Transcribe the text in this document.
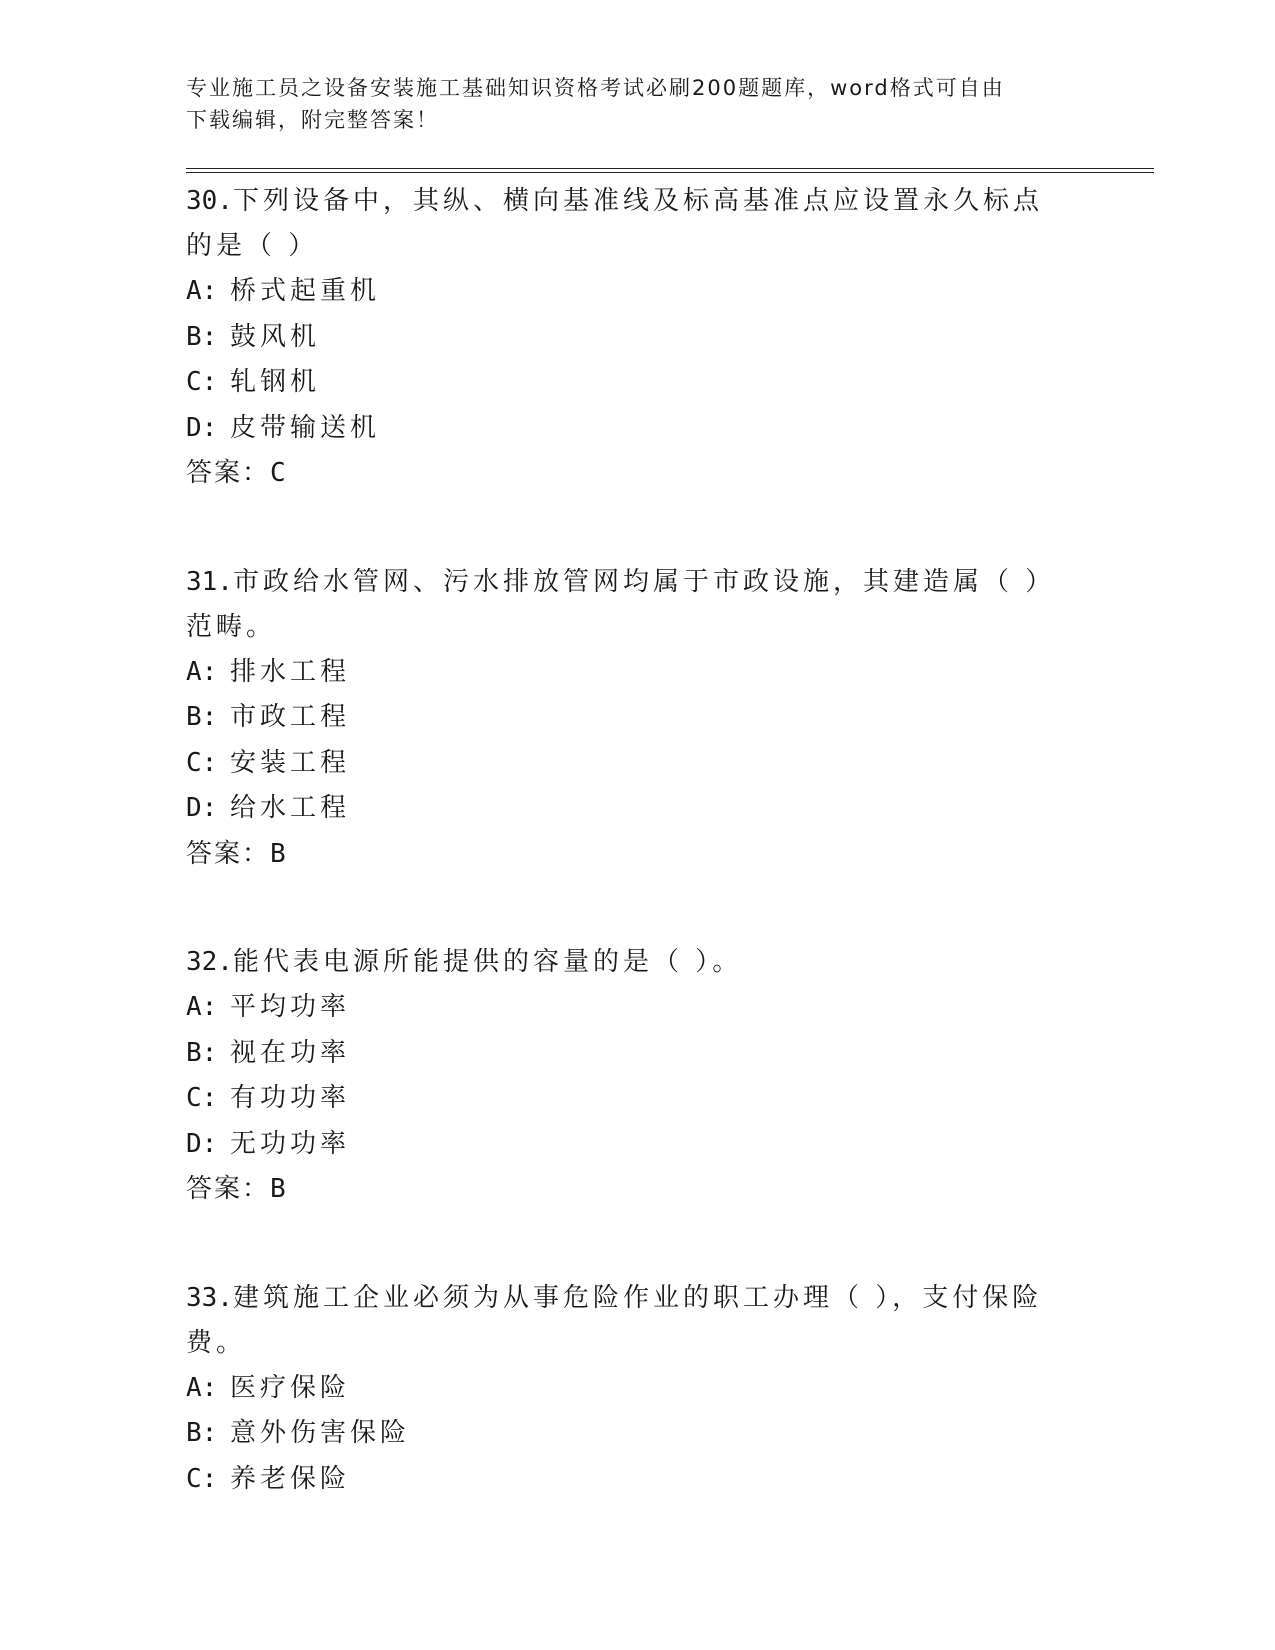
专业施工员之设备安装施工基础知识资格考试必刷200题题库，word格式可自由
下载编辑，附完整答案！

30.下列设备中，其纵、横向基准线及标高基准点应设置永久标点的是（ ）

A: 桥式起重机

B: 鼓风机

C: 轧钢机

D: 皮带输送机

答案：C

31.市政给水管网、污水排放管网均属于市政设施，其建造属（ ）范畴。

A: 排水工程

B: 市政工程

C: 安装工程

D: 给水工程

答案：B

32.能代表电源所能提供的容量的是（ ）。

A: 平均功率

B: 视在功率

C: 有功功率

D: 无功功率

答案：B

33.建筑施工企业必须为从事危险作业的职工办理（ ），支付保险费。

A: 医疗保险

B: 意外伤害保险

C: 养老保险
